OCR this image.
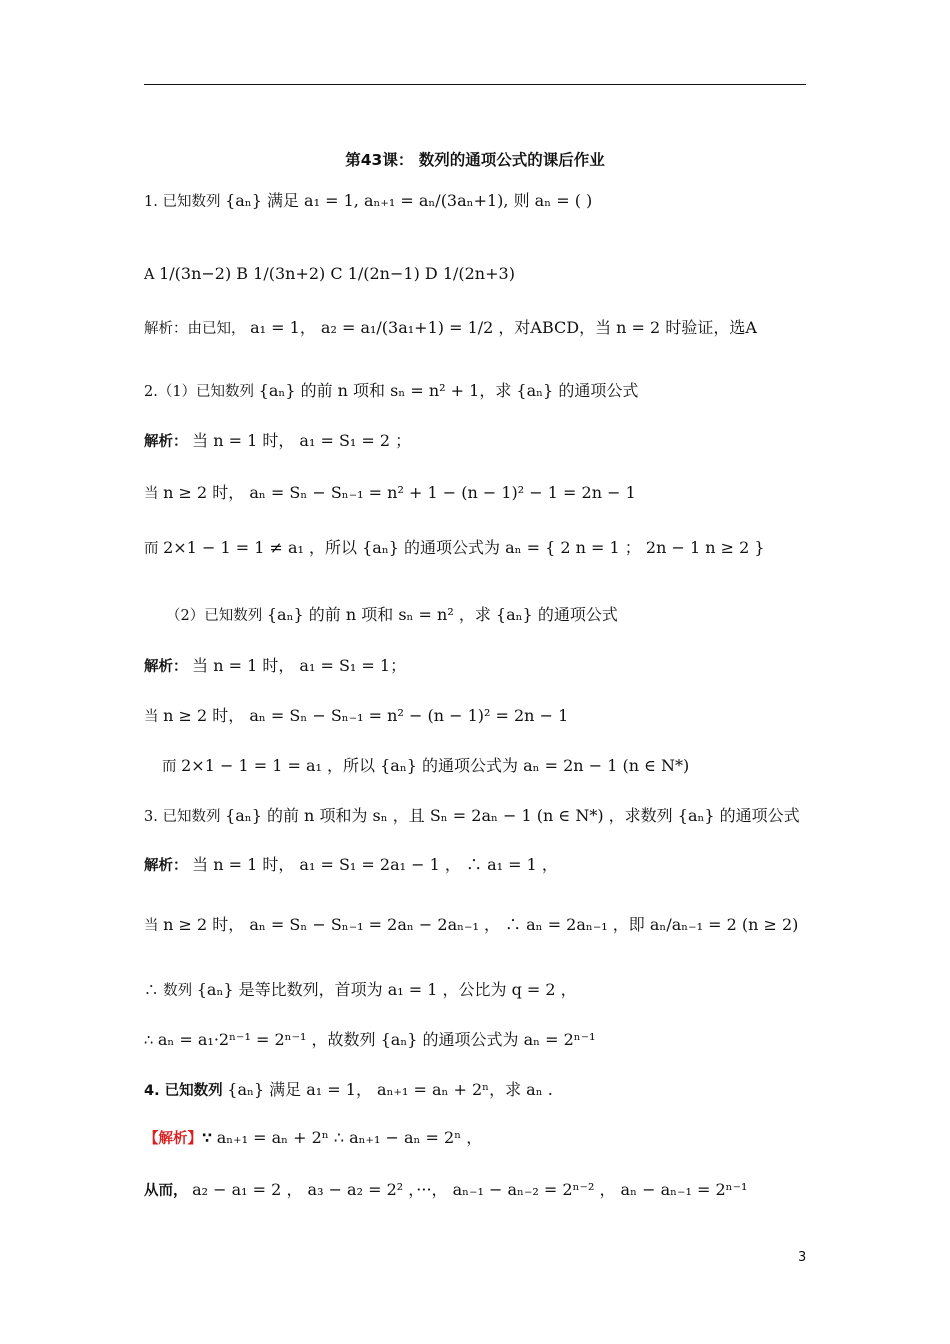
第43课： 数列的通项公式的课后作业
1. 已知数列 {aₙ} 满足 a₁ = 1, aₙ₊₁ = aₙ/(3aₙ+1), 则 aₙ = ( )
A 1/(3n−2) B 1/(3n+2) C 1/(2n−1) D 1/(2n+3)
解析：由已知， a₁ = 1， a₂ = a₁/(3a₁+1) = 1/2 ，对ABCD，当 n = 2 时验证，选A
2.（1）已知数列 {aₙ} 的前 n 项和 sₙ = n² + 1，求 {aₙ} 的通项公式
解析： 当 n = 1 时， a₁ = S₁ = 2 ；
当 n ≥ 2 时， aₙ = Sₙ − Sₙ₋₁ = n² + 1 − (n − 1)² − 1 = 2n − 1
而 2×1 − 1 = 1 ≠ a₁ ，所以 {aₙ} 的通项公式为 aₙ = { 2 n = 1 ； 2n − 1 n ≥ 2 }
（2）已知数列 {aₙ} 的前 n 项和 sₙ = n² ，求 {aₙ} 的通项公式
解析： 当 n = 1 时， a₁ = S₁ = 1；
当 n ≥ 2 时， aₙ = Sₙ − Sₙ₋₁ = n² − (n − 1)² = 2n − 1
而 2×1 − 1 = 1 = a₁ ，所以 {aₙ} 的通项公式为 aₙ = 2n − 1 (n ∈ N*)
3. 已知数列 {aₙ} 的前 n 项和为 sₙ ，且 Sₙ = 2aₙ − 1 (n ∈ N*) ，求数列 {aₙ} 的通项公式
解析： 当 n = 1 时， a₁ = S₁ = 2a₁ − 1 ， ∴ a₁ = 1 ，
当 n ≥ 2 时， aₙ = Sₙ − Sₙ₋₁ = 2aₙ − 2aₙ₋₁ ， ∴ aₙ = 2aₙ₋₁ ，即 aₙ/aₙ₋₁ = 2 (n ≥ 2)
∴ 数列 {aₙ} 是等比数列，首项为 a₁ = 1 ，公比为 q = 2 ，
∴ aₙ = a₁·2ⁿ⁻¹ = 2ⁿ⁻¹ ，故数列 {aₙ} 的通项公式为 aₙ = 2ⁿ⁻¹
4. 已知数列 {aₙ} 满足 a₁ = 1， aₙ₊₁ = aₙ + 2ⁿ，求 aₙ .
【解析】∵ aₙ₊₁ = aₙ + 2ⁿ ∴ aₙ₊₁ − aₙ = 2ⁿ ，
从而， a₂ − a₁ = 2 ， a₃ − a₂ = 2² ，···， aₙ₋₁ − aₙ₋₂ = 2ⁿ⁻² ， aₙ − aₙ₋₁ = 2ⁿ⁻¹
3
